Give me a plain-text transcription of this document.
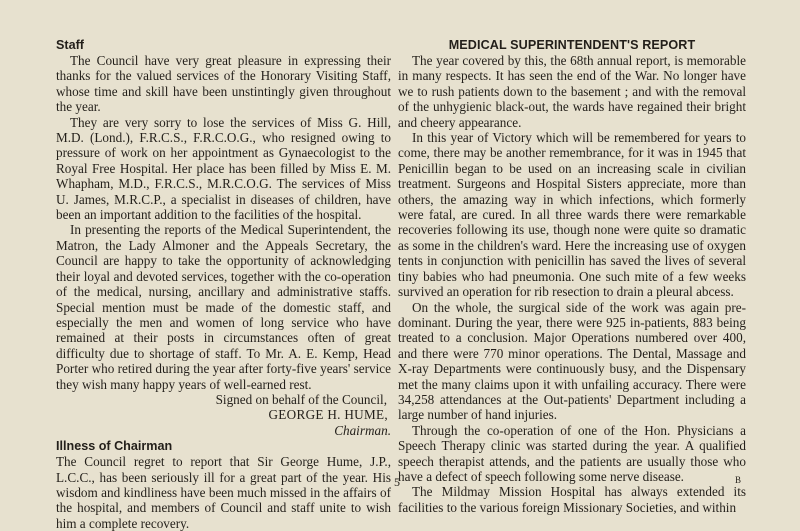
Staff

The Council have very great pleasure in expressing their thanks for the valued services of the Honorary Visiting Staff, whose time and skill have been unstintingly given throughout the year.

They are very sorry to lose the services of Miss G. Hill, M.D. (Lond.), F.R.C.S., F.R.C.O.G., who resigned owing to pressure of work on her appointment as Gynaecologist to the Royal Free Hospital. Her place has been filled by Miss E. M. Whapham, M.D., F.R.C.S., M.R.C.O.G. The services of Miss U. James, M.R.C.P., a specialist in diseases of children, have been an important addition to the facilities of the hospital.

In presenting the reports of the Medical Superintendent, the Matron, the Lady Almoner and the Appeals Secretary, the Council are happy to take the opportunity of acknowledging their loyal and devoted services, together with the co-operation of the medical, nursing, ancillary and administrative staffs. Special mention must be made of the domestic staff, and especially the men and women of long service who have remained at their posts in circumstances often of great difficulty due to shortage of staff. To Mr. A. E. Kemp, Head Porter who retired during the year after forty-five years' service they wish many happy years of well-earned rest.

Signed on behalf of the Council,

GEORGE H. HUME,

Chairman.

Illness of Chairman

The Council regret to report that Sir George Hume, J.P., L.C.C., has been seriously ill for a great part of the year. His wisdom and kindliness have been much missed in the affairs of the hospital, and members of Council and staff unite to wish him a complete recovery.

MEDICAL SUPERINTENDENT'S REPORT

The year covered by this, the 68th annual report, is memorable in many respects. It has seen the end of the War. No longer have we to rush patients down to the basement ; and with the removal of the unhygienic black-out, the wards have regained their bright and cheery appearance.

In this year of Victory which will be remembered for years to come, there may be another remembrance, for it was in 1945 that Penicillin began to be used on an increasing scale in civilian treatment. Surgeons and Hospital Sisters appreciate, more than others, the amazing way in which infections, which formerly were fatal, are cured. In all three wards there were remarkable recoveries following its use, though none were quite so dramatic as some in the children's ward. Here the increasing use of oxygen tents in conjunction with penicillin has saved the lives of several tiny babies who had pneumonia. One such mite of a few weeks survived an operation for rib resection to drain a pleural abcess.

On the whole, the surgical side of the work was again pre-dominant. During the year, there were 925 in-patients, 883 being treated to a conclusion. Major Operations numbered over 400, and there were 770 minor operations. The Dental, Massage and X-ray Departments were continuously busy, and the Dispensary met the many claims upon it with unfailing accuracy. There were 34,258 attendances at the Out-patients' Department including a large number of hand injuries.

Through the co-operation of one of the Hon. Physicians a Speech Therapy clinic was started during the year. A qualified speech therapist attends, and the patients are usually those who have a defect of speech following some nerve disease.

The Mildmay Mission Hospital has always extended its facilities to the various foreign Missionary Societies, and within

5	B
